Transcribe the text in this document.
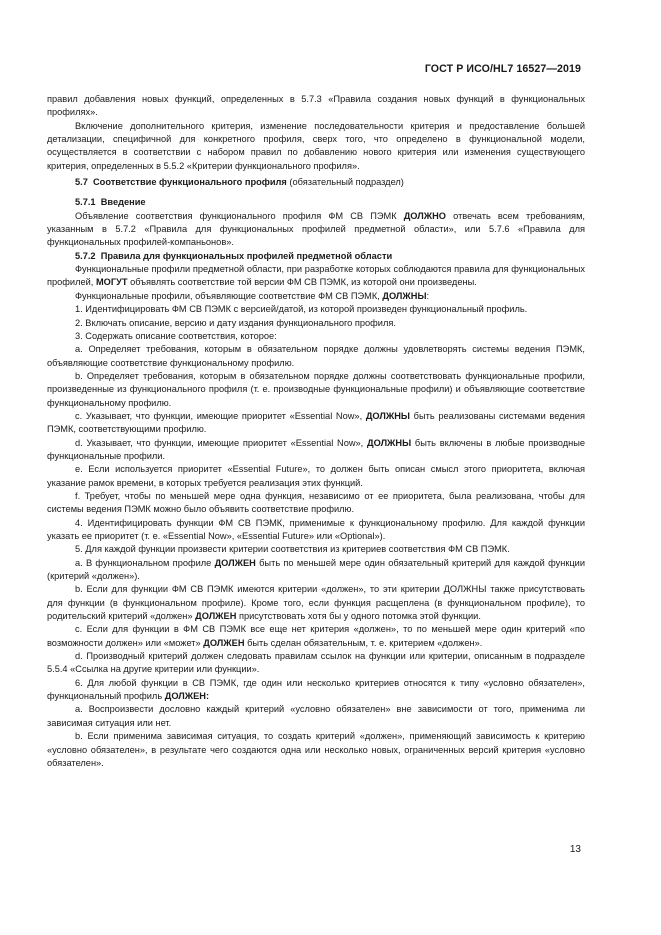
ГОСТ Р ИСО/HL7 16527—2019

правил добавления новых функций, определенных в 5.7.3 «Правила создания новых функций в функциональных профилях».

Включение дополнительного критерия, изменение последовательности критерия и предоставление большей детализации, специфичной для конкретного профиля, сверх того, что определено в функциональной модели, осуществляется в соответствии с набором правил по добавлению нового критерия или изменения существующего критерия, определенных в 5.5.2 «Критерии функционального профиля».

5.7 Соответствие функционального профиля (обязательный подраздел)

5.7.1 Введение

Объявление соответствия функционального профиля ФМ СВ ПЭМК ДОЛЖНО отвечать всем требованиям, указанным в 5.7.2 «Правила для функциональных профилей предметной области», или 5.7.6 «Правила для функциональных профилей-компаньонов».

5.7.2 Правила для функциональных профилей предметной области

Функциональные профили предметной области, при разработке которых соблюдаются правила для функциональных профилей, МОГУТ объявлять соответствие той версии ФМ СВ ПЭМК, из которой они произведены.

Функциональные профили, объявляющие соответствие ФМ СВ ПЭМК, ДОЛЖНЫ:

1. Идентифицировать ФМ СВ ПЭМК с версией/датой, из которой произведен функциональный профиль.

2. Включать описание, версию и дату издания функционального профиля.

3. Содержать описание соответствия, которое:

a. Определяет требования, которым в обязательном порядке должны удовлетворять системы ведения ПЭМК, объявляющие соответствие функциональному профилю.

b. Определяет требования, которым в обязательном порядке должны соответствовать функциональные профили, произведенные из функционального профиля (т. е. производные функциональные профили) и объявляющие соответствие функциональному профилю.

c. Указывает, что функции, имеющие приоритет «Essential Now», ДОЛЖНЫ быть реализованы системами ведения ПЭМК, соответствующими профилю.

d. Указывает, что функции, имеющие приоритет «Essential Now», ДОЛЖНЫ быть включены в любые производные функциональные профили.

e. Если используется приоритет «Essential Future», то должен быть описан смысл этого приоритета, включая указание рамок времени, в которых требуется реализация этих функций.

f. Требует, чтобы по меньшей мере одна функция, независимо от ее приоритета, была реализована, чтобы для системы ведения ПЭМК можно было объявить соответствие профилю.

4. Идентифицировать функции ФМ СВ ПЭМК, применимые к функциональному профилю. Для каждой функции указать ее приоритет (т. е. «Essential Now», «Essential Future» или «Optional»).

5. Для каждой функции произвести критерии соответствия из критериев соответствия ФМ СВ ПЭМК.

a. В функциональном профиле ДОЛЖЕН быть по меньшей мере один обязательный критерий для каждой функции (критерий «должен»).

b. Если для функции ФМ СВ ПЭМК имеются критерии «должен», то эти критерии ДОЛЖНЫ также присутствовать для функции (в функциональном профиле). Кроме того, если функция расщеплена (в функциональном профиле), то родительский критерий «должен» ДОЛЖЕН присутствовать хотя бы у одного потомка этой функции.

c. Если для функции в ФМ СВ ПЭМК все еще нет критерия «должен», то по меньшей мере один критерий «по возможности должен» или «может» ДОЛЖЕН быть сделан обязательным, т. е. критерием «должен».

d. Производный критерий должен следовать правилам ссылок на функции или критерии, описанным в подразделе 5.5.4 «Ссылка на другие критерии или функции».

6. Для любой функции в СВ ПЭМК, где один или несколько критериев относятся к типу «условно обязателен», функциональный профиль ДОЛЖЕН:

a. Воспроизвести дословно каждый критерий «условно обязателен» вне зависимости от того, применима ли зависимая ситуация или нет.

b. Если применима зависимая ситуация, то создать критерий «должен», применяющий зависимость к критерию «условно обязателен», в результате чего создаются одна или несколько новых, ограниченных версий критерия «условно обязателен».

13
